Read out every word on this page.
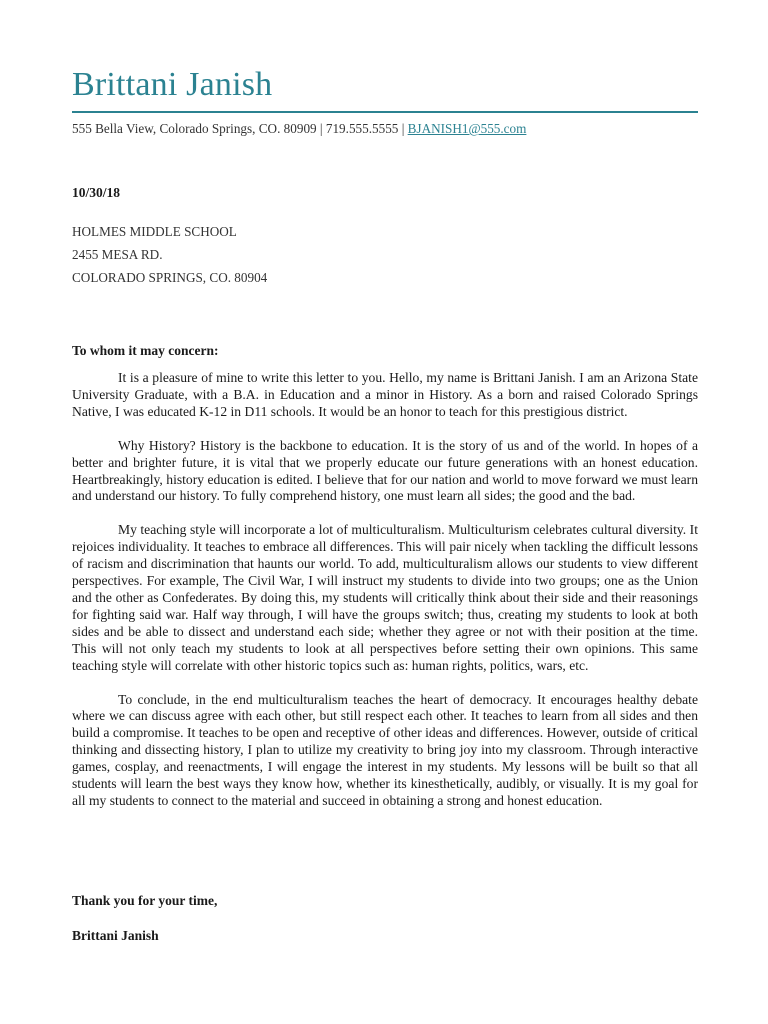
Brittani Janish
555 Bella View, Colorado Springs, CO. 80909 | 719.555.5555 | BJANISH1@555.com
10/30/18
HOLMES MIDDLE SCHOOL
2455 MESA RD.
COLORADO SPRINGS, CO. 80904
To whom it may concern:

It is a pleasure of mine to write this letter to you. Hello, my name is Brittani Janish. I am an Arizona State University Graduate, with a B.A. in Education and a minor in History. As a born and raised Colorado Springs Native, I was educated K-12 in D11 schools. It would be an honor to teach for this prestigious district.

Why History? History is the backbone to education. It is the story of us and of the world. In hopes of a better and brighter future, it is vital that we properly educate our future generations with an honest education. Heartbreakingly, history education is edited. I believe that for our nation and world to move forward we must learn and understand our history. To fully comprehend history, one must learn all sides; the good and the bad.

My teaching style will incorporate a lot of multiculturalism. Multiculturism celebrates cultural diversity. It rejoices individuality. It teaches to embrace all differences. This will pair nicely when tackling the difficult lessons of racism and discrimination that haunts our world. To add, multiculturalism allows our students to view different perspectives. For example, The Civil War, I will instruct my students to divide into two groups; one as the Union and the other as Confederates. By doing this, my students will critically think about their side and their reasonings for fighting said war. Half way through, I will have the groups switch; thus, creating my students to look at both sides and be able to dissect and understand each side; whether they agree or not with their position at the time. This will not only teach my students to look at all perspectives before setting their own opinions. This same teaching style will correlate with other historic topics such as: human rights, politics, wars, etc.

To conclude, in the end multiculturalism teaches the heart of democracy. It encourages healthy debate where we can discuss agree with each other, but still respect each other. It teaches to learn from all sides and then build a compromise. It teaches to be open and receptive of other ideas and differences. However, outside of critical thinking and dissecting history, I plan to utilize my creativity to bring joy into my classroom. Through interactive games, cosplay, and reenactments, I will engage the interest in my students. My lessons will be built so that all students will learn the best ways they know how, whether its kinesthetically, audibly, or visually. It is my goal for all my students to connect to the material and succeed in obtaining a strong and honest education.

Thank you for your time,
Brittani Janish
